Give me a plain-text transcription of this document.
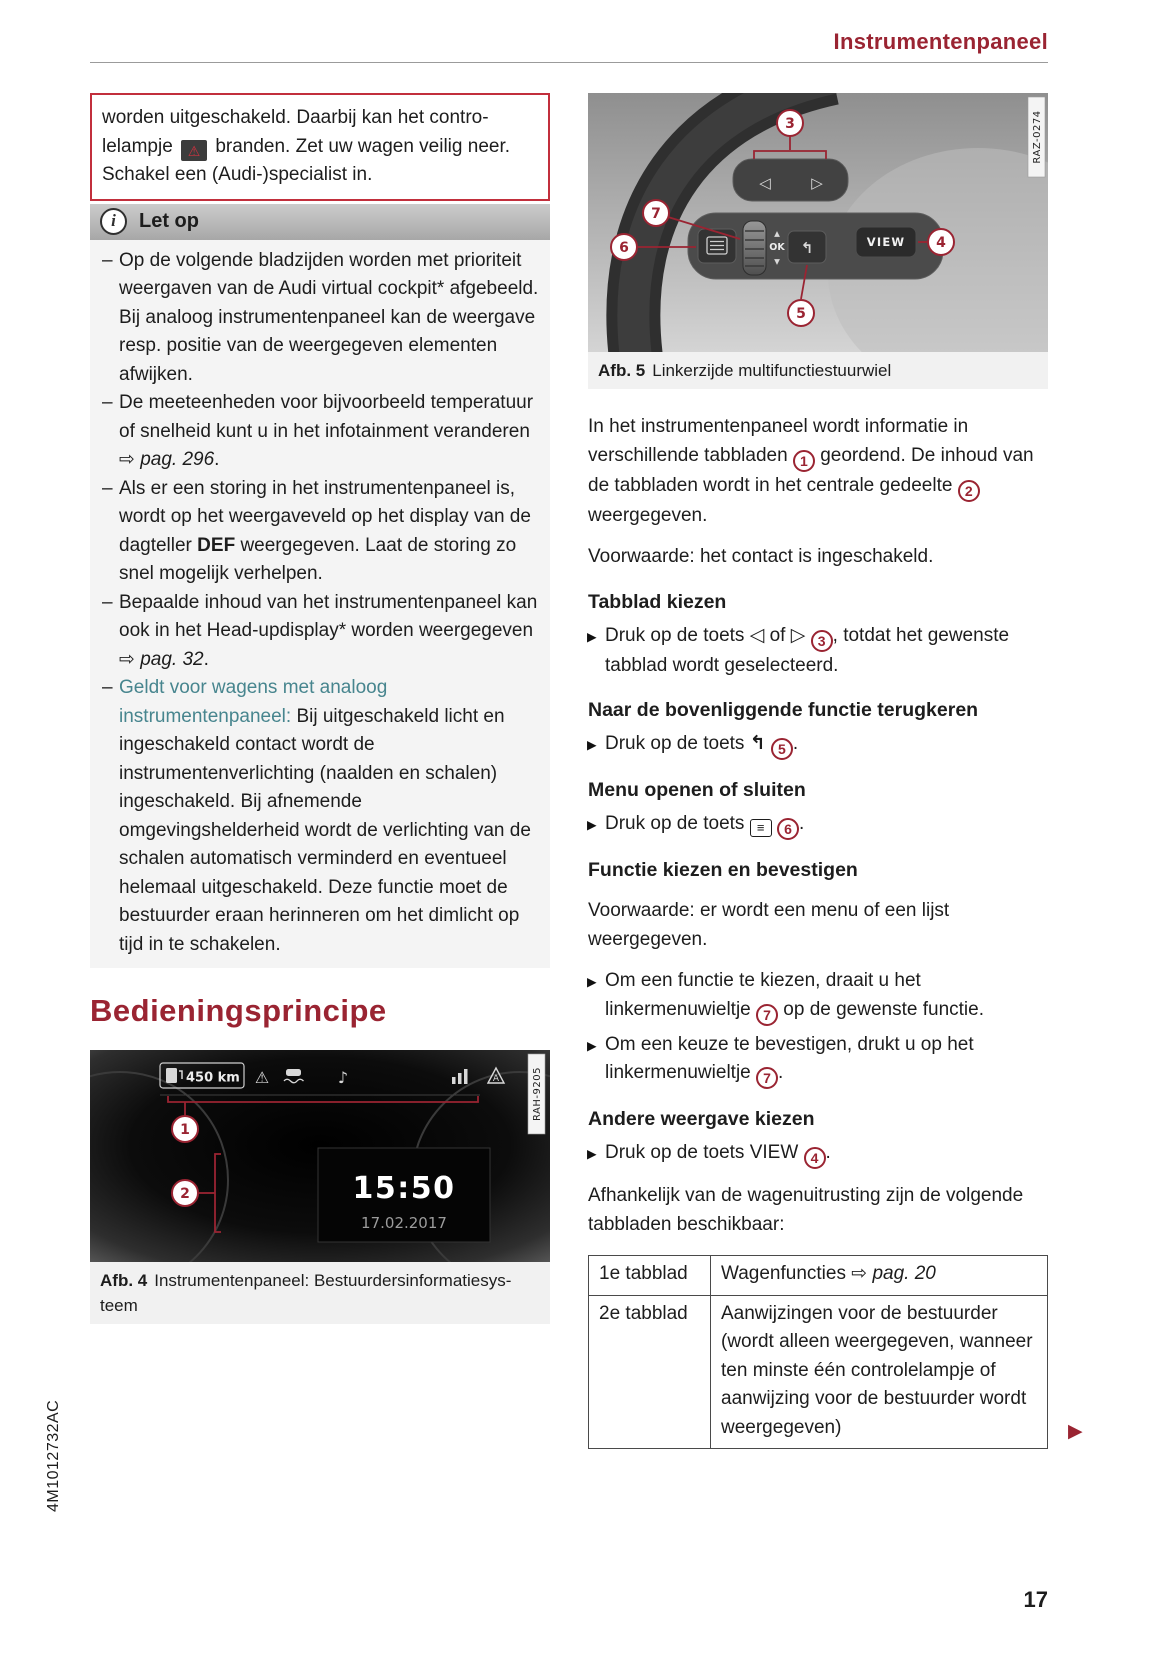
Instrumentenpaneel
worden uitgeschakeld. Daarbij kan het contro-lelampje ⚠ branden. Zet uw wagen veilig neer. Schakel een (Audi-)specialist in.
i Let op
– Op de volgende bladzijden worden met prioriteit weergaven van de Audi virtual cockpit* afgebeeld. Bij analoog instrumentenpaneel kan de weergave resp. positie van de weergegeven elementen afwijken.
– De meeteenheden voor bijvoorbeeld temperatuur of snelheid kunt u in het infotainment veranderen ⇨ pag. 296.
– Als er een storing in het instrumentenpaneel is, wordt op het weergaveveld op het display van de dagteller DEF weergegeven. Laat de storing zo snel mogelijk verhelpen.
– Bepaalde inhoud van het instrumentenpaneel kan ook in het Head-updisplay* worden weergegeven ⇨ pag. 32.
– Geldt voor wagens met analoog instrumentenpaneel: Bij uitgeschakeld licht en ingeschakeld contact wordt de instrumentenverlichting (naalden en schalen) ingeschakeld. Bij afnemende omgevingshelderheid wordt de verlichting van de schalen automatisch verminderd en eventueel helemaal uitgeschakeld. Deze functie moet de bestuurder eraan herinneren om het dimlicht op tijd in te schakelen.
Bedieningsprincipe
450 km ⚠	♪	A
15:50
17.02.2017
1
2
RAH-9205
Afb. 4 Instrumentenpaneel: Bestuurdersinformatiesysteem
◁	▷
▲
OK
▼
↰	VIEW
3
7
6
5
4
RAZ-0274
Afb. 5 Linkerzijde multifunctiestuurwiel

In het instrumentenpaneel wordt informatie in verschillende tabbladen 1 geordend. De inhoud van de tabbladen wordt in het centrale gedeelte 2 weergegeven.

Voorwaarde: het contact is ingeschakeld.

Tabblad kiezen
▶ Druk op de toets ◁ of ▷ 3 , totdat het gewenste tabblad wordt geselecteerd.
Naar de bovenliggende functie terugkeren
▶ Druk op de toets ↰ 5 .
Menu openen of sluiten
▶ Druk op de toets ≡ 6 .
Functie kiezen en bevestigen

Voorwaarde: er wordt een menu of een lijst weergegeven.

▶ Om een functie te kiezen, draait u het linkermenuwieltje 7 op de gewenste functie.
▶ Om een keuze te bevestigen, drukt u op het linkermenuwieltje 7 .
Andere weergave kiezen
▶ Druk op de toets VIEW 4 .

Afhankelijk van de wagenuitrusting zijn de volgende tabbladen beschikbaar:

1e tabblad	Wagenfuncties ⇨ pag. 20
2e tabblad	Aanwijzingen voor de bestuurder (wordt alleen weergegeven, wanneer ten minste één controlelampje of aanwijzing voor de bestuurder wordt weergegeven)	▶
4M1012732AC
17
